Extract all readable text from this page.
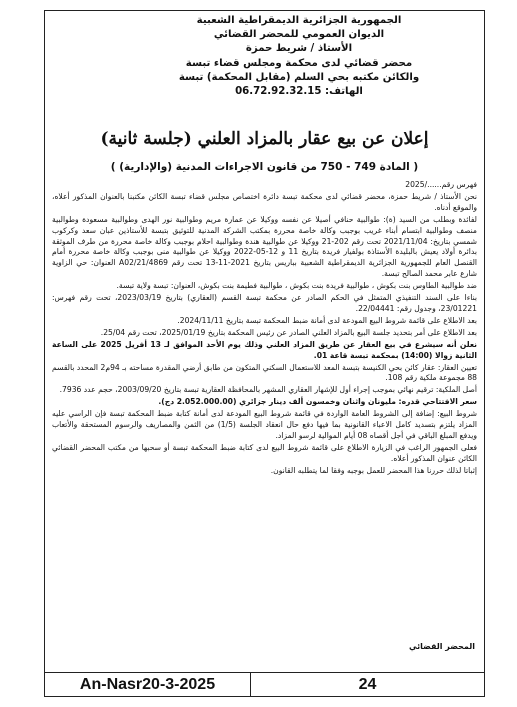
الجمهورية الجزائرية الديمقراطية الشعبية
الديوان العمومي للمحضر القضائي
الأستاذ / شريط حمزة
محضر قضائي لدى محكمة ومجلس قضاء تبسة
والكائن مكتبه بحي السلم (مقابل المحكمة) تبسة
الهاتف: 06.72.92.32.15
إعلان عن بيع عقار بالمزاد العلني (جلسة ثانية)
( المادة 749 - 750 من قانون الاجراءات المدنية (والإدارية) )

فهرس رقم....../2025

نحن الأستاذ / شريط حمزة، محضر قضائي لدى محكمة تبسة دائرة اختصاص مجلس قضاء تبسة الكائن مكتبنا بالعنوان المذكور أعلاه، والموقع أدناه.

لفائدة وبطلب من السيد (ة): طوالبية حنافي أصيلا عن نفسه ووكيلا عن عمارة مريم وطوالبية نور الهدى وطوالبية مسعودة وطوالبية منصف وطوالبية ابتسام أبناء غريب بوجبب وكالة خاصة محررة بمكتب الشركة المدنية للتوثيق بتبسة للأستاذين عبان سعد وكركوب شمسي بتاريخ: 2021/11/04 تحت رقم 202-21 ووكيلا عن طوالبية هندة وطوالبية احلام بوجبب وكالة خاصة محررة من طرف الموثقة بدائرة أولاد يعيش بالبليدة الأستاذة بولفيار فريدة بتاريخ 11 و 12-05-2022 ووكيلا عن طوالبية منى بوجبب وكالة خاصة محررة أمام القنصل العام للجمهورية الجزائرية الديمقراطية الشعبية بباريس بتاريخ 2021-11-13 تحت رقم A02/21/4869 العنوان: حي الزاوية شارع عابر محمد الصالح تبسة.

ضد طوالبية الطاوس بنت بكوش ، طوالبية فريدة بنت بكوش ، طوالبية فطيمة بنت بكوش، العنوان: تبسة ولاية تبسة.

بناءا على السند التنفيذي المتمثل في الحكم الصادر عن محكمة تبسة القسم (العقاري) بتاريخ 2023/03/19، تحت رقم فهرس: 23/01221، وجدول رقم: 22/04441.

بعد الاطلاع على قائمة شروط البيع المودعة لدى أمانة ضبط المحكمة تبسة بتاريخ 2024/11/11.

بعد الاطلاع على أمر بتحديد جلسة البيع بالمزاد العلني الصادر عن رئيس المحكمة بتاريخ 2025/01/19، تحت رقم 25/04.

نعلن أنه سيشرع في بيع العقار عن طريق المزاد العلني وذلك يوم الأحد الموافق لـ 13 أفريل 2025 على الساعة الثانية زوالا (14:00) بمحكمة تبسة قاعة 01.

تعيين العقار: عقار كائن بحي الكنيسة بتبسة المعد للاستعمال السكني المتكون من طابق أرضي المقدرة مساحته بـ 94م2 المحدد بالقسم 88 مجموعة ملكية رقم 108.

أصل الملكية: ترقيم نهائي بموجب إجراء أول للإشهار العقاري المشهر بالمحافظة العقارية تبسة بتاريخ 2003/09/20، حجم عدد 7936.

سعر الافتتاحي قدره: مليونان واثنان وخمسون ألف دينار جزائري (2.052.000.00 دج).

شروط البيع: إضافة إلى الشروط العامة الواردة في قائمة شروط البيع المودعة لدى أمانة كتابة ضبط المحكمة تبسة فإن الراسي عليه المزاد يلتزم بتسديد كامل الاعباء القانونية بما فيها دفع حال انعقاد الجلسة (1/5) من الثمن والمصاريف والرسوم المستحقة والأتعاب ويدفع المبلغ الباقي في أجل أقصاه 08 أيام الموالية لرسو المزاد.

فعلى الجمهور الراغب في الزيارة الاطلاع على قائمة شروط البيع لدى كتابة ضبط المحكمة تبسة أو سحبها من مكتب المحضر القضائي الكائن عنوان المذكور أعلاه.

إثباتا لذلك حررنا هذا المحضر للعمل بوجبه وفقا لما يتطلبه القانون.

المحضر القضائي
An-Nasr20-3-2025	24
